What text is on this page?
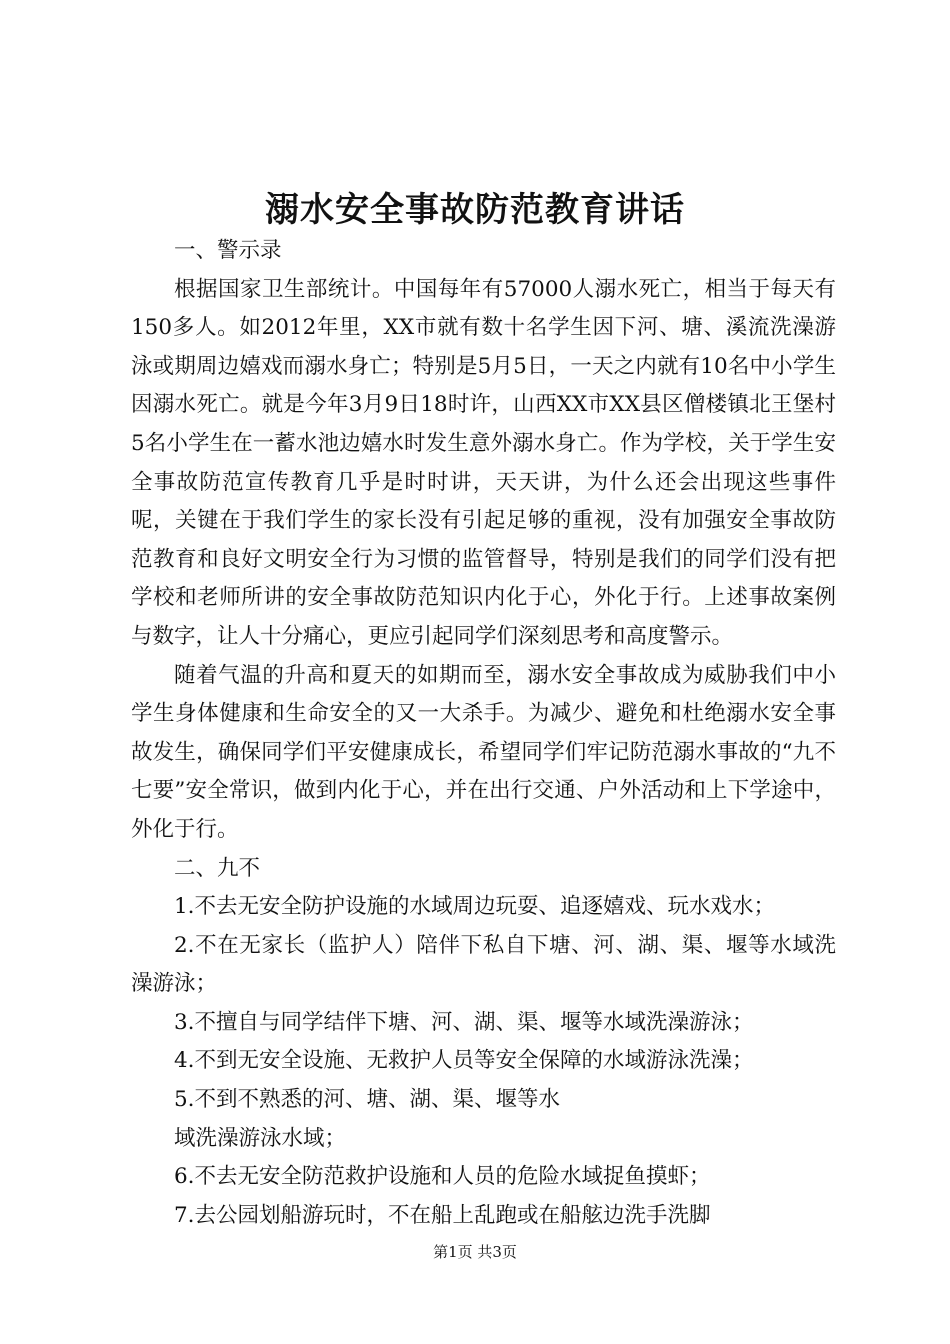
溺水安全事故防范教育讲话

一、警示录

根据国家卫生部统计。中国每年有57000人溺水死亡，相当于每天有150多人。如2012年里，XX市就有数十名学生因下河、塘、溪流洗澡游泳或期周边嬉戏而溺水身亡；特别是5月5日，一天之内就有10名中小学生因溺水死亡。就是今年3月9日18时许，山西XX市XX县区僧楼镇北王堡村5名小学生在一蓄水池边嬉水时发生意外溺水身亡。作为学校，关于学生安全事故防范宣传教育几乎是时时讲，天天讲，为什么还会出现这些事件呢，关键在于我们学生的家长没有引起足够的重视，没有加强安全事故防范教育和良好文明安全行为习惯的监管督导，特别是我们的同学们没有把学校和老师所讲的安全事故防范知识内化于心，外化于行。上述事故案例与数字，让人十分痛心，更应引起同学们深刻思考和高度警示。

随着气温的升高和夏天的如期而至，溺水安全事故成为威胁我们中小学生身体健康和生命安全的又一大杀手。为减少、避免和杜绝溺水安全事故发生，确保同学们平安健康成长，希望同学们牢记防范溺水事故的“九不七要”安全常识，做到内化于心，并在出行交通、户外活动和上下学途中，外化于行。

二、九不

1.不去无安全防护设施的水域周边玩耍、追逐嬉戏、玩水戏水；

2.不在无家长（监护人）陪伴下私自下塘、河、湖、渠、堰等水域洗澡游泳；

3.不擅自与同学结伴下塘、河、湖、渠、堰等水域洗澡游泳；

4.不到无安全设施、无救护人员等安全保障的水域游泳洗澡；

5.不到不熟悉的河、塘、湖、渠、堰等水

域洗澡游泳水域；

6.不去无安全防范救护设施和人员的危险水域捉鱼摸虾；

7.去公园划船游玩时，不在船上乱跑或在船舷边洗手洗脚

第1页 共3页
